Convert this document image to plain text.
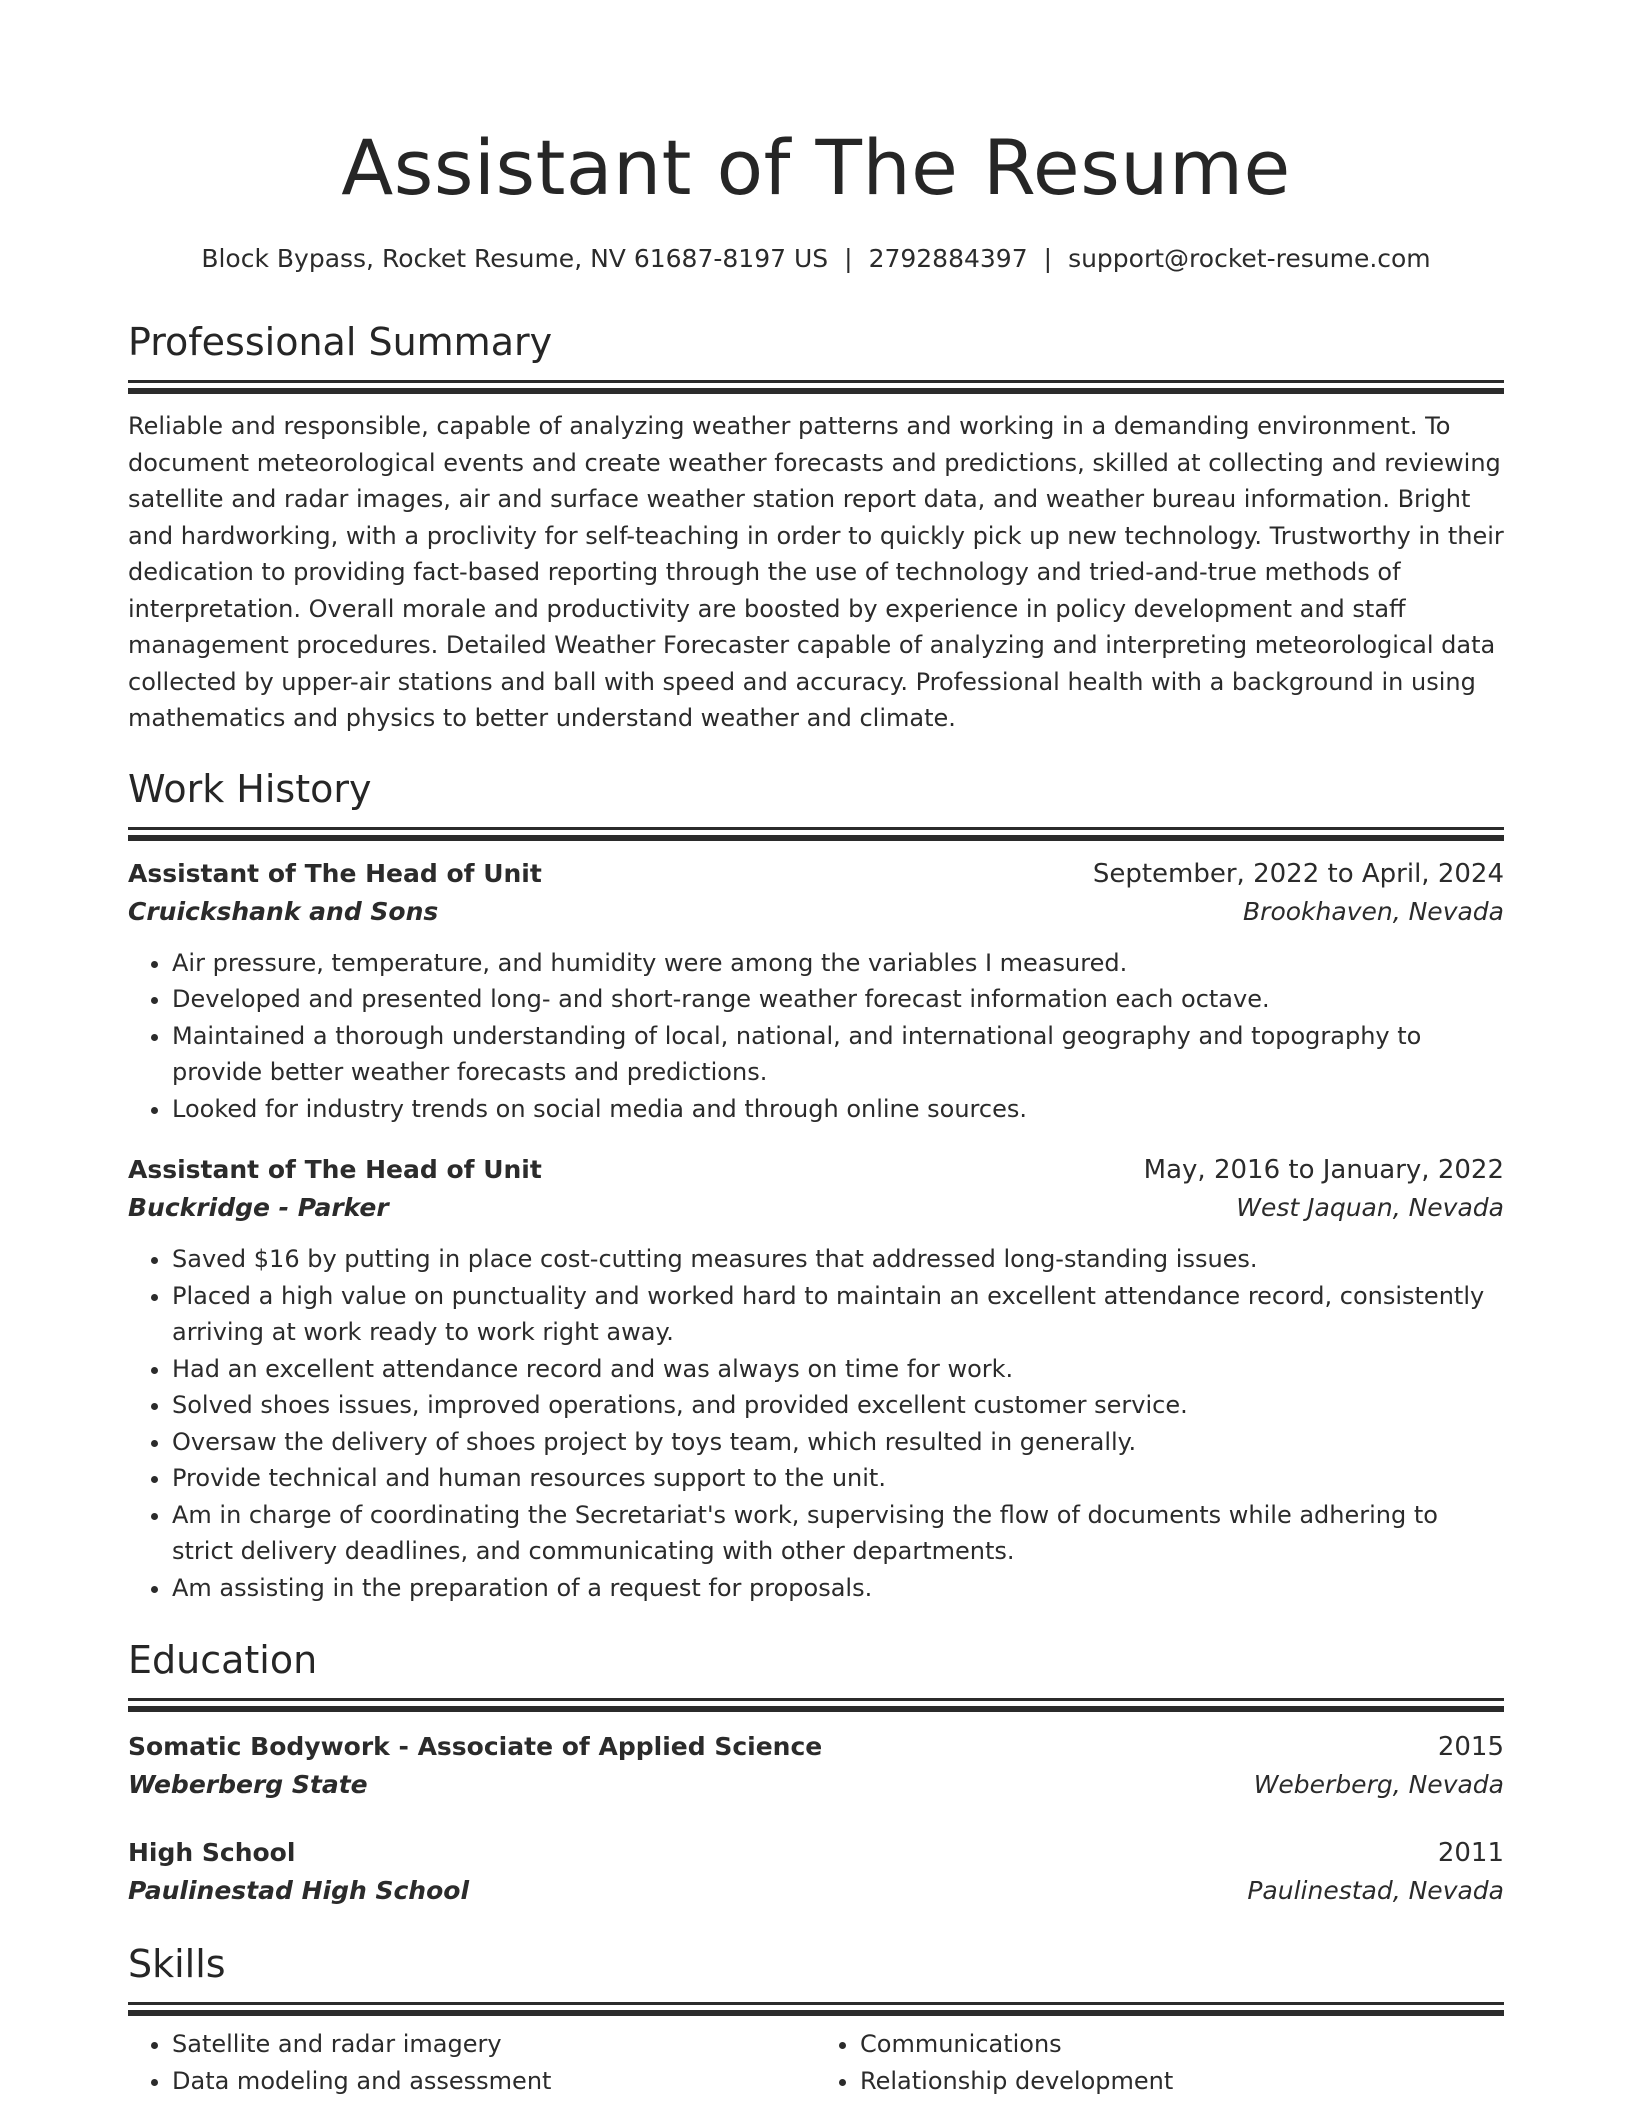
Assistant of The Resume
Block Bypass, Rocket Resume, NV 61687-8197 US | 2792884397 | support@rocket-resume.com
Professional Summary
Reliable and responsible, capable of analyzing weather patterns and working in a demanding environment. To document meteorological events and create weather forecasts and predictions, skilled at collecting and reviewing satellite and radar images, air and surface weather station report data, and weather bureau information. Bright and hardworking, with a proclivity for self-teaching in order to quickly pick up new technology. Trustworthy in their dedication to providing fact-based reporting through the use of technology and tried-and-true methods of interpretation. Overall morale and productivity are boosted by experience in policy development and staff management procedures. Detailed Weather Forecaster capable of analyzing and interpreting meteorological data collected by upper-air stations and ball with speed and accuracy. Professional health with a background in using mathematics and physics to better understand weather and climate.
Work History
Assistant of The Head of Unit	September, 2022 to April, 2024
Cruickshank and Sons	Brookhaven, Nevada
• Air pressure, temperature, and humidity were among the variables I measured.
• Developed and presented long- and short-range weather forecast information each octave.
• Maintained a thorough understanding of local, national, and international geography and topography to provide better weather forecasts and predictions.
• Looked for industry trends on social media and through online sources.
Assistant of The Head of Unit	May, 2016 to January, 2022
Buckridge - Parker	West Jaquan, Nevada
• Saved $16 by putting in place cost-cutting measures that addressed long-standing issues.
• Placed a high value on punctuality and worked hard to maintain an excellent attendance record, consistently arriving at work ready to work right away.
• Had an excellent attendance record and was always on time for work.
• Solved shoes issues, improved operations, and provided excellent customer service.
• Oversaw the delivery of shoes project by toys team, which resulted in generally.
• Provide technical and human resources support to the unit.
• Am in charge of coordinating the Secretariat's work, supervising the flow of documents while adhering to strict delivery deadlines, and communicating with other departments.
• Am assisting in the preparation of a request for proposals.
Education
Somatic Bodywork - Associate of Applied Science	2015
Weberberg State	Weberberg, Nevada
High School	2011
Paulinestad High School	Paulinestad, Nevada
Skills
• Satellite and radar imagery
• Data modeling and assessment
• Communications
• Relationship development
